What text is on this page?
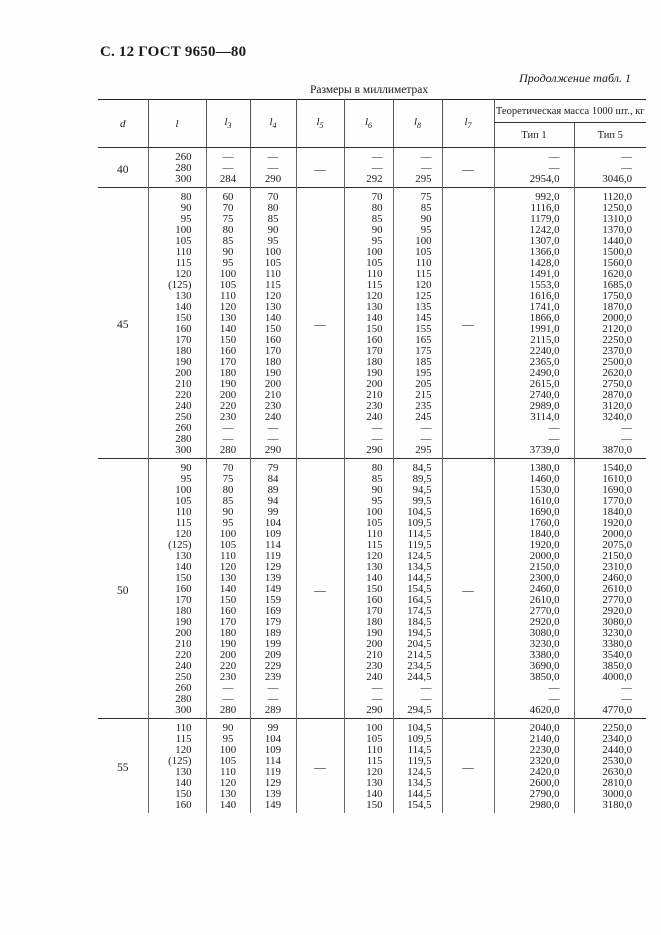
С. 12 ГОСТ 9650—80
Продолжение табл. 1
Размеры в миллиметрах
d	l	$l_3$	$l_4$	$l_5$	$l_6$	$l_8$	$l_7$	Теоретическая масса 1000 шт., кг	
								Тип 1	Тип 5
40	260	—	—	—	—	—	—	—	—

	280	—	—		—	—		—	—

	300	284	290		292	295		2954,0	3046,0

45	80	60	70	—	70	75	—	992,0	1120,0

	90	70	80		80	85		1116,0	1250,0

	95	75	85		85	90		1179,0	1310,0

	100	80	90		90	95		1242,0	1370,0

	105	85	95		95	100		1307,0	1440,0

	110	90	100		100	105		1366,0	1500,0

	115	95	105		105	110		1428,0	1560,0

	120	100	110		110	115		1491,0	1620,0

	(125)	105	115		115	120		1553,0	1685,0

	130	110	120		120	125		1616,0	1750,0

	140	120	130		130	135		1741,0	1870,0

	150	130	140		140	145		1866,0	2000,0

	160	140	150		150	155		1991,0	2120,0

	170	150	160		160	165		2115,0	2250,0

	180	160	170		170	175		2240,0	2370,0

	190	170	180		180	185		2365,0	2500,0

	200	180	190		190	195		2490,0	2620,0

	210	190	200		200	205		2615,0	2750,0

	220	200	210		210	215		2740,0	2870,0

	240	220	230		230	235		2989,0	3120,0

	250	230	240		240	245		3114,0	3240,0

	260	—	—		—	—		—	—

	280	—	—		—	—		—	—

	300	280	290		290	295		3739,0	3870,0

50	90	70	79	—	80	84,5	—	1380,0	1540,0

	95	75	84		85	89,5		1460,0	1610,0

	100	80	89		90	94,5		1530,0	1690,0

	105	85	94		95	99,5		1610,0	1770,0

	110	90	99		100	104,5		1690,0	1840,0

	115	95	104		105	109,5		1760,0	1920,0

	120	100	109		110	114,5		1840,0	2000,0

	(125)	105	114		115	119,5		1920,0	2075,0

	130	110	119		120	124,5		2000,0	2150,0

	140	120	129		130	134,5		2150,0	2310,0

	150	130	139		140	144,5		2300,0	2460,0

	160	140	149		150	154,5		2460,0	2610,0

	170	150	159		160	164,5		2610,0	2770,0

	180	160	169		170	174,5		2770,0	2920,0

	190	170	179		180	184,5		2920,0	3080,0

	200	180	189		190	194,5		3080,0	3230,0

	210	190	199		200	204,5		3230,0	3380,0

	220	200	209		210	214,5		3380,0	3540,0

	240	220	229		230	234,5		3690,0	3850,0

	250	230	239		240	244,5		3850,0	4000,0

	260	—	—		—	—		—	—

	280	—	—		—	—		—	—

	300	280	289		290	294,5		4620,0	4770,0

55	110	90	99	—	100	104,5	—	2040,0	2250,0

	115	95	104		105	109,5		2140,0	2340,0

	120	100	109		110	114,5		2230,0	2440,0

	(125)	105	114		115	119,5		2320,0	2530,0

	130	110	119		120	124,5		2420,0	2630,0

	140	120	129		130	134,5		2600,0	2810,0

	150	130	139		140	144,5		2790,0	3000,0

	160	140	149		150	154,5		2980,0	3180,0
